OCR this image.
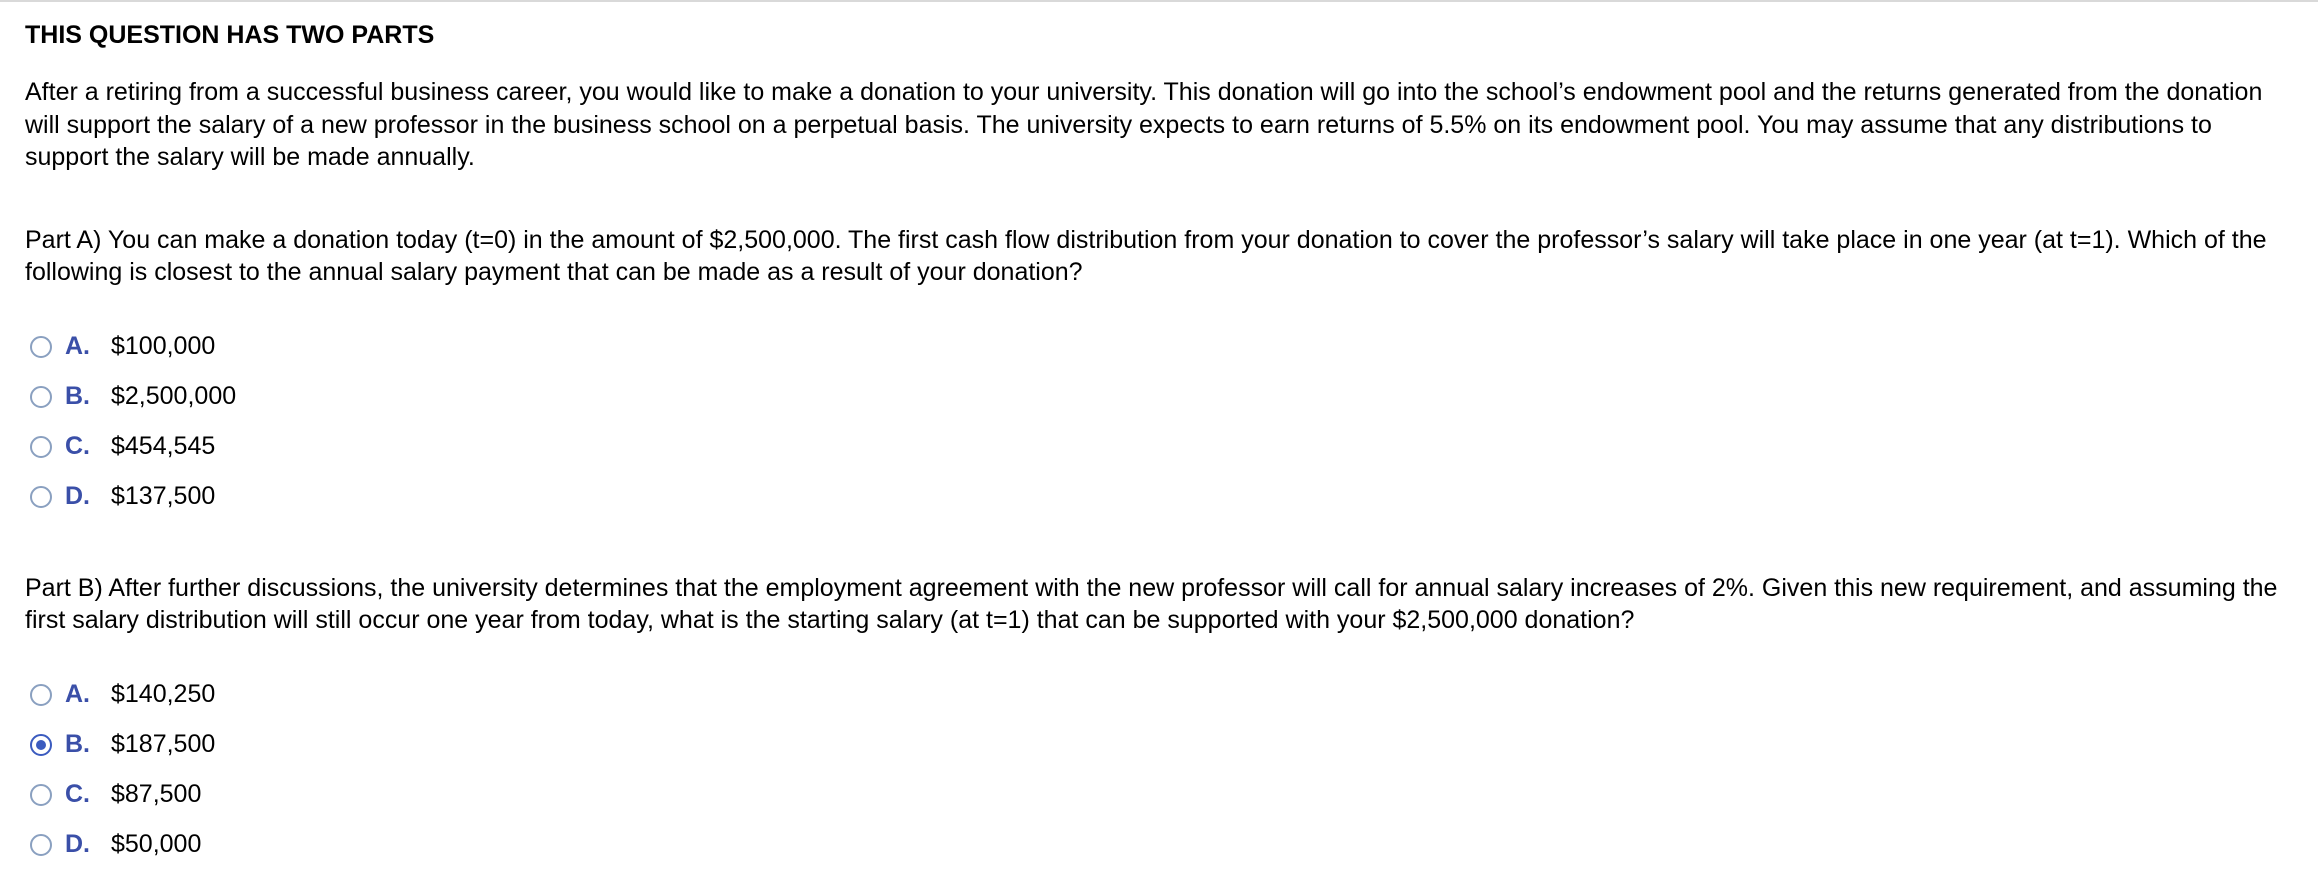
THIS QUESTION HAS TWO PARTS

After a retiring from a successful business career, you would like to make a donation to your university. This donation will go into the school’s endowment pool and the returns generated from the donation will support the salary of a new professor in the business school on a perpetual basis. The university expects to earn returns of 5.5% on its endowment pool. You may assume that any distributions to support the salary will be made annually.

Part A) You can make a donation today (t=0) in the amount of $2,500,000. The first cash flow distribution from your donation to cover the professor’s salary will take place in one year (at t=1). Which of the following is closest to the annual salary payment that can be made as a result of your donation?

A. $100,000
B. $2,500,000
C. $454,545
D. $137,500

Part B) After further discussions, the university determines that the employment agreement with the new professor will call for annual salary increases of 2%. Given this new requirement, and assuming the first salary distribution will still occur one year from today, what is the starting salary (at t=1) that can be supported with your $2,500,000 donation?

A. $140,250
B. $187,500
C. $87,500
D. $50,000
